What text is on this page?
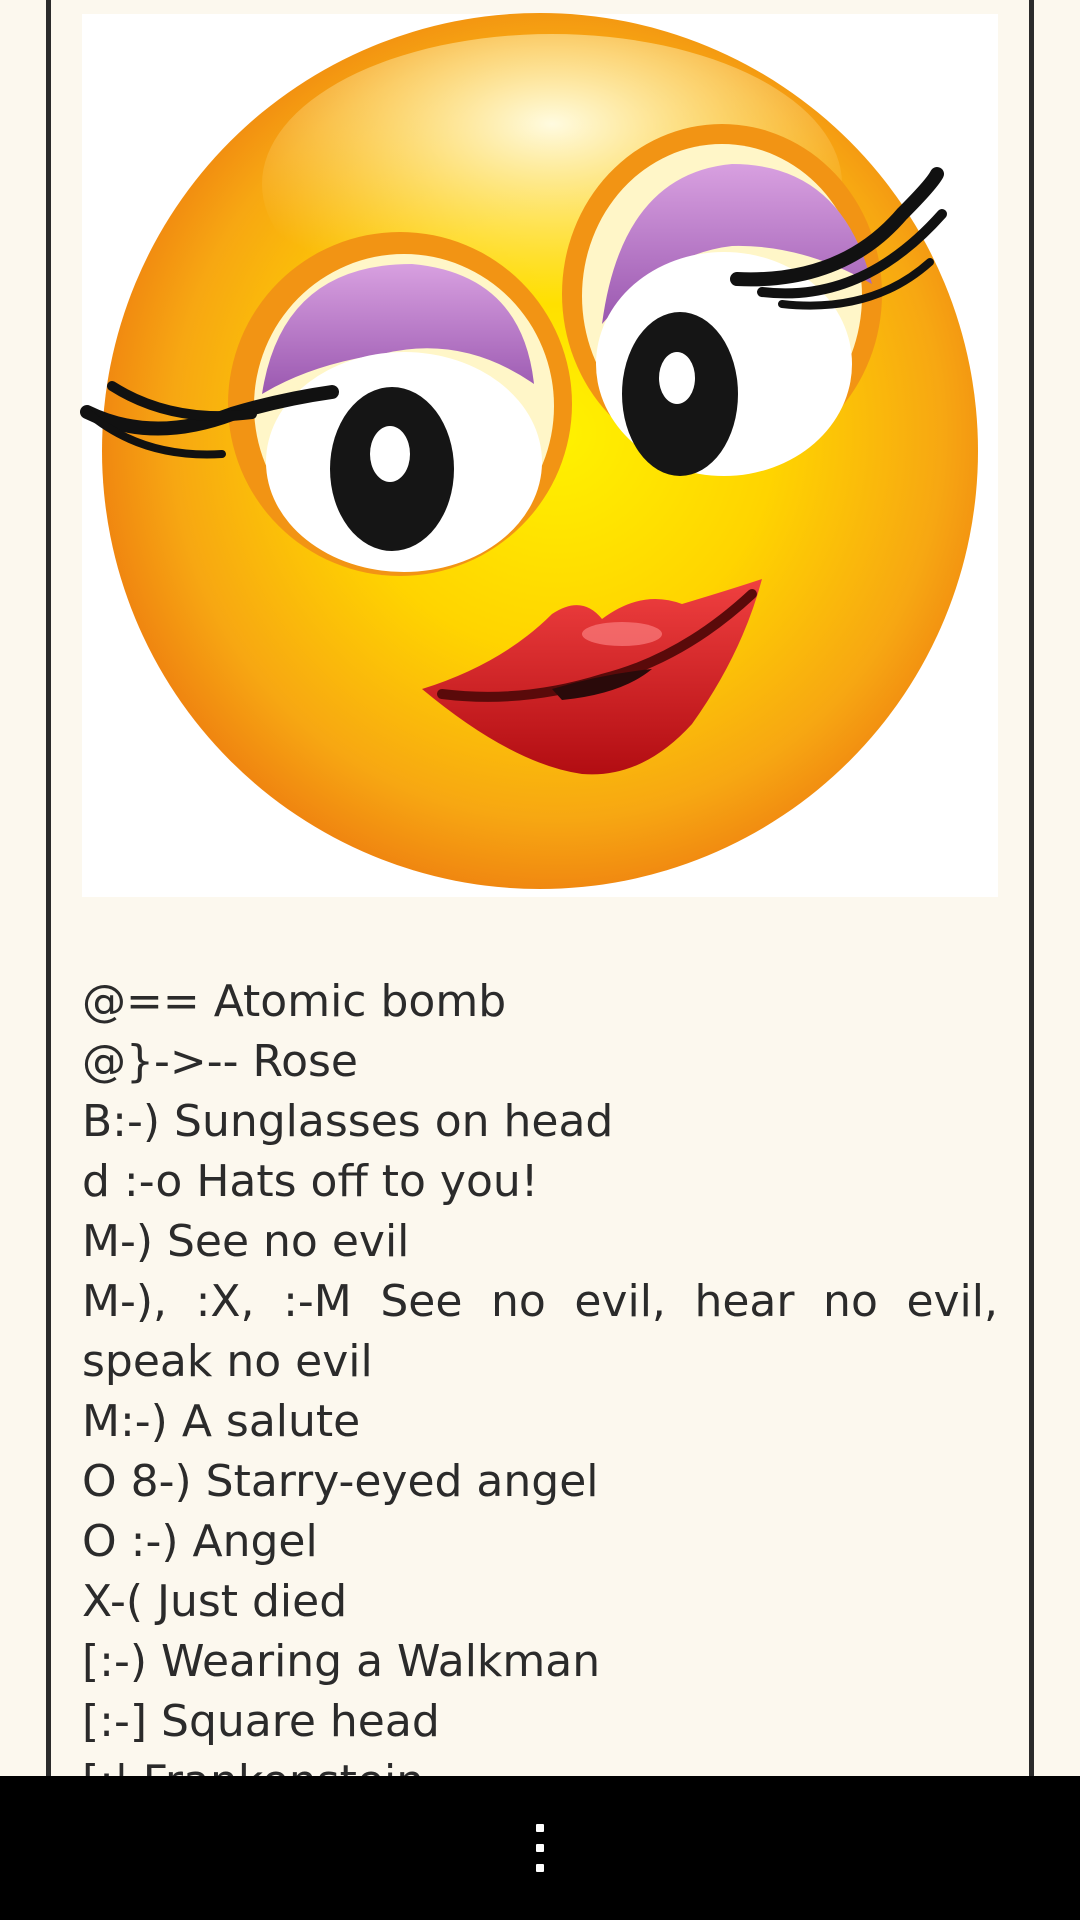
@== Atomic bomb
@}->-- Rose
B:-) Sunglasses on head
d :-o Hats off to you!
M-) See no evil
M-), :X, :-M See no evil, hear no evil, speak no evil
M:-) A salute
O 8-) Starry-eyed angel
O :-) Angel
X-( Just died
[:-) Wearing a Walkman
[:-] Square head
